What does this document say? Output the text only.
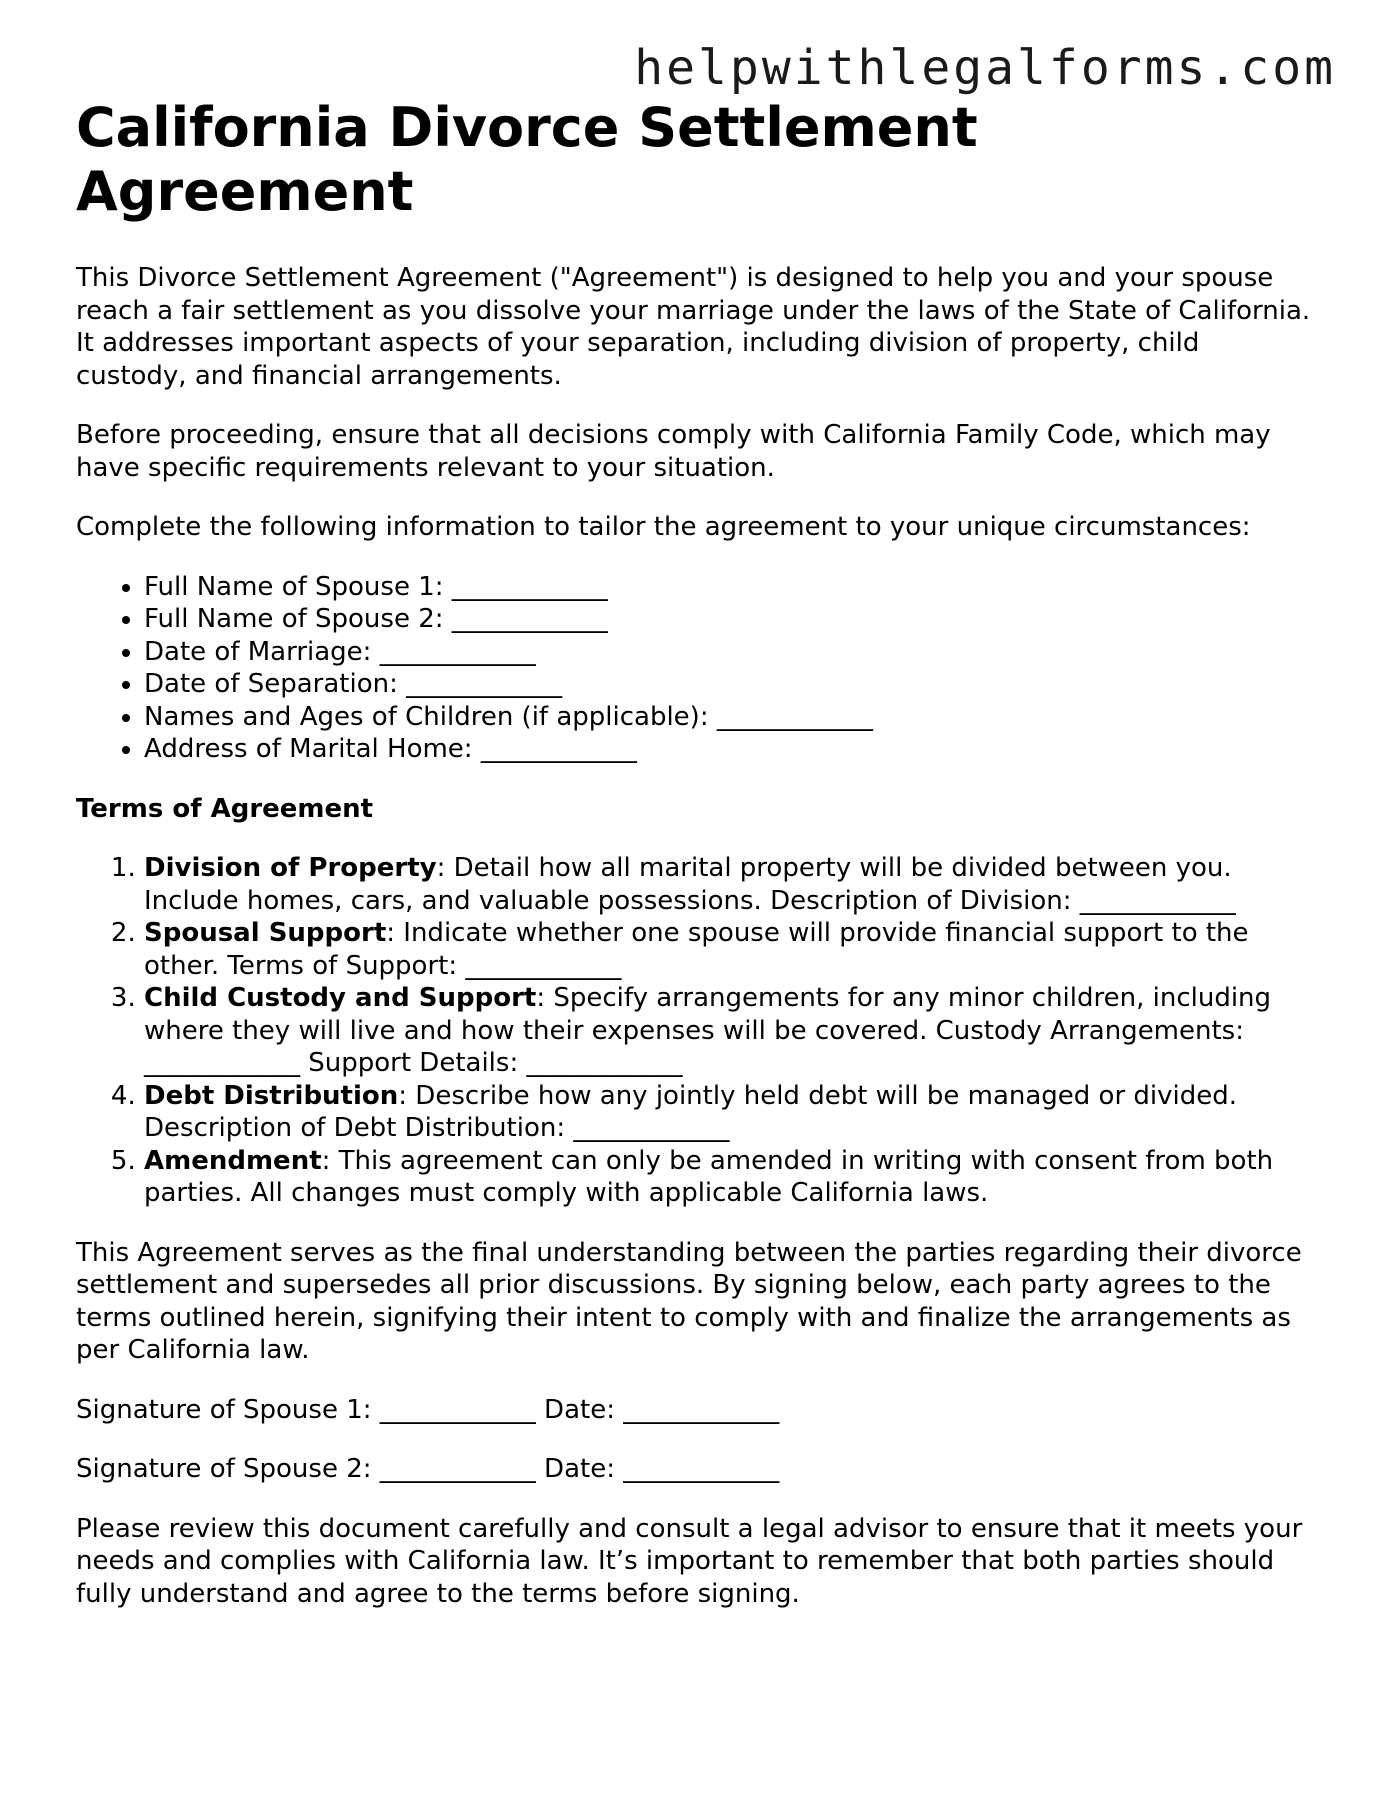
helpwithlegalforms.com
California Divorce Settlement Agreement

This Divorce Settlement Agreement ("Agreement") is designed to help you and your spouse reach a fair settlement as you dissolve your marriage under the laws of the State of California. It addresses important aspects of your separation, including division of property, child custody, and financial arrangements.

Before proceeding, ensure that all decisions comply with California Family Code, which may have specific requirements relevant to your situation.

Complete the following information to tailor the agreement to your unique circumstances:

• Full Name of Spouse 1: ____________
• Full Name of Spouse 2: ____________
• Date of Marriage: ____________
• Date of Separation: ____________
• Names and Ages of Children (if applicable): ____________
• Address of Marital Home: ____________
Terms of Agreement
1. Division of Property: Detail how all marital property will be divided between you. Include homes, cars, and valuable possessions. Description of Division: ____________
2. Spousal Support: Indicate whether one spouse will provide financial support to the other. Terms of Support: ____________
3. Child Custody and Support: Specify arrangements for any minor children, including where they will live and how their expenses will be covered. Custody Arrangements: ____________ Support Details: ____________
4. Debt Distribution: Describe how any jointly held debt will be managed or divided. Description of Debt Distribution: ____________
5. Amendment: This agreement can only be amended in writing with consent from both parties. All changes must comply with applicable California laws.

This Agreement serves as the final understanding between the parties regarding their divorce settlement and supersedes all prior discussions. By signing below, each party agrees to the terms outlined herein, signifying their intent to comply with and finalize the arrangements as per California law.

Signature of Spouse 1: ____________ Date: ____________

Signature of Spouse 2: ____________ Date: ____________

Please review this document carefully and consult a legal advisor to ensure that it meets your needs and complies with California law. It’s important to remember that both parties should fully understand and agree to the terms before signing.
